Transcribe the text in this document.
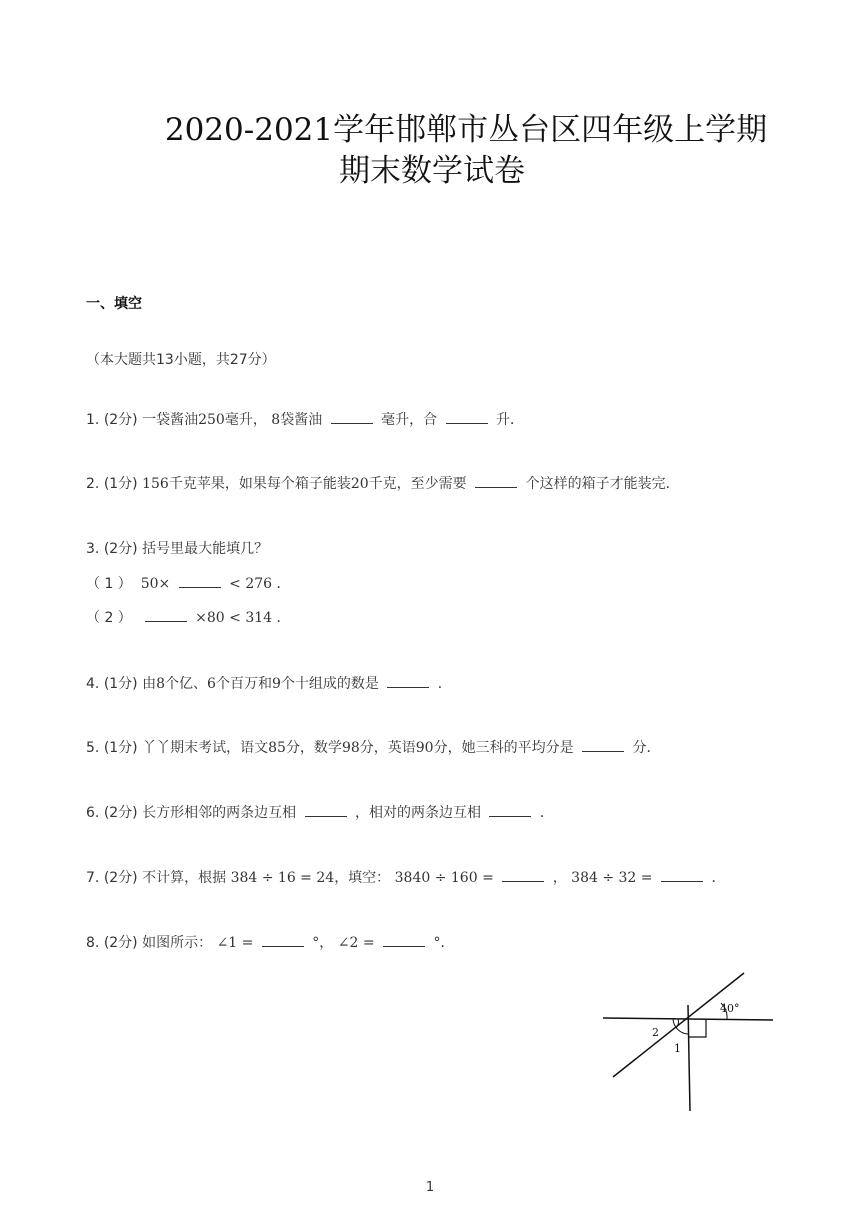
2020-2021学年邯郸市丛台区四年级上学期
期末数学试卷
一、填空
（本大题共13小题，共27分）
1. (2分) 一袋酱油250毫升， 8袋酱油	毫升，合	升．
2. (1分) 156千克苹果，如果每个箱子能装20千克，至少需要	个这样的箱子才能装完．
3. (2分) 括号里最大能填几？
（ 1 ） 50×	< 276 ．
（ 2 ）	×80 < 314 ．
4. (1分) 由8个亿、6个百万和9个十组成的数是	．
5. (1分) 丫丫期末考试，语文85分，数学98分，英语90分，她三科的平均分是	分．
6. (2分) 长方形相邻的两条边互相	，相对的两条边互相	．
7. (2分) 不计算，根据 384 ÷ 16 = 24，填空： 3840 ÷ 160 =	， 384 ÷ 32 =	．
8. (2分) 如图所示： ∠1 =	°， ∠2 =	°．
40°
1
2
1
